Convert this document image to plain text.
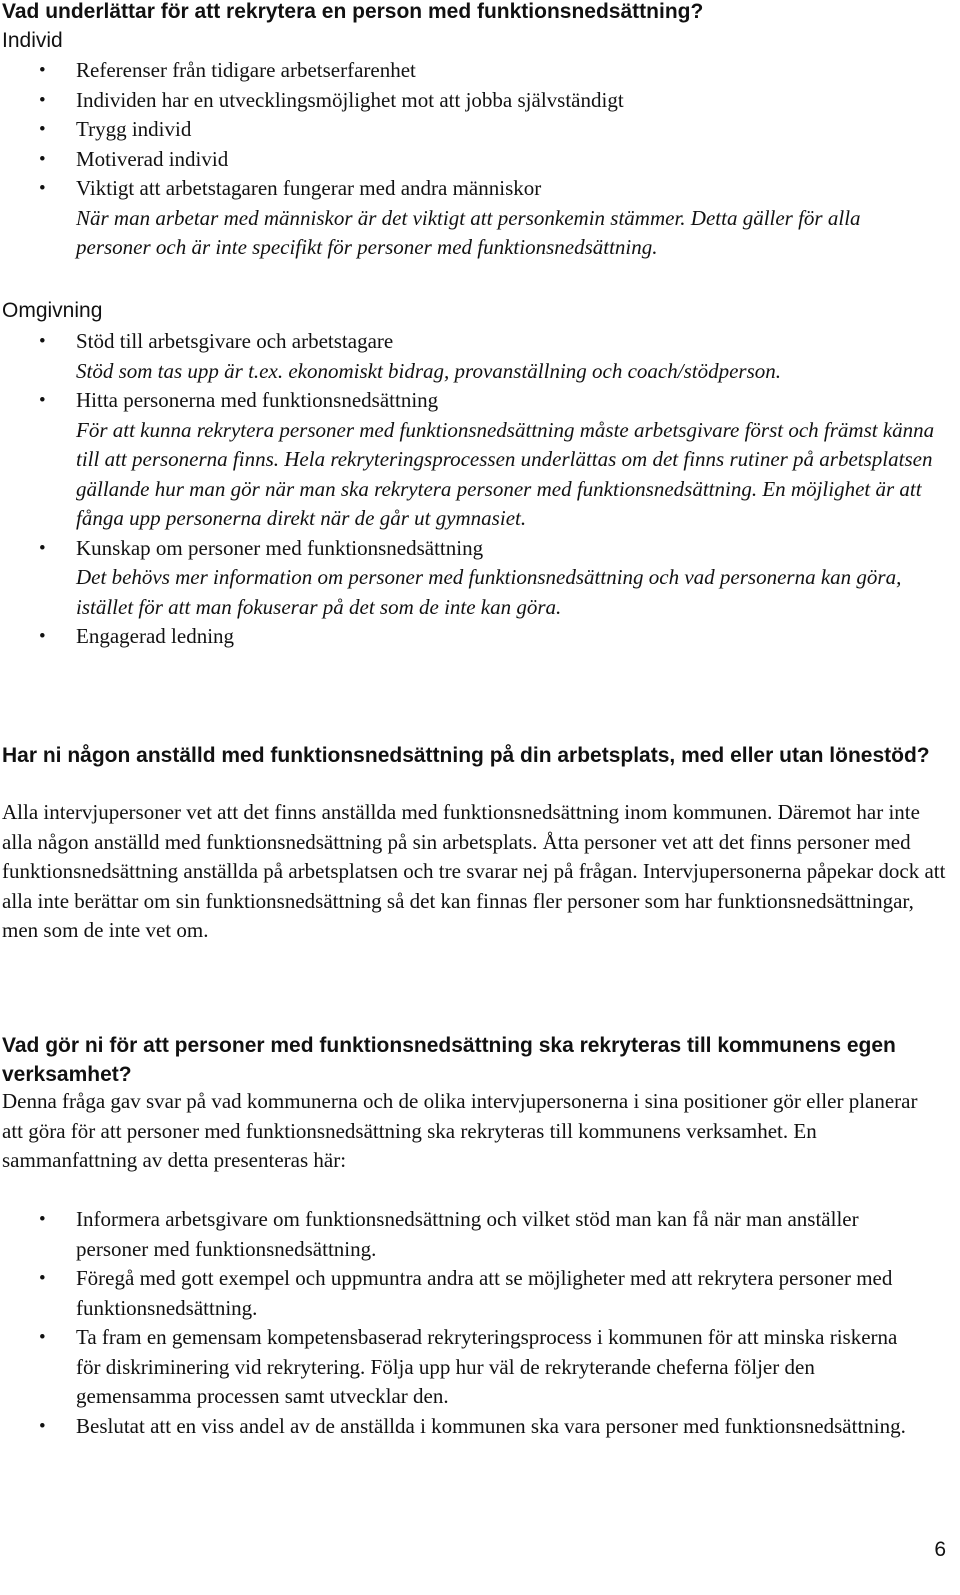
Vad underlättar för att rekrytera en person med funktionsnedsättning?
Individ
• Referenser från tidigare arbetserfarenhet
• Individen har en utvecklingsmöjlighet mot att jobba självständigt
• Trygg individ
• Motiverad individ
• Viktigt att arbetstagaren fungerar med andra människor
När man arbetar med människor är det viktigt att personkemin stämmer. Detta gäller för alla personer och är inte specifikt för personer med funktionsnedsättning.
Omgivning
• Stöd till arbetsgivare och arbetstagare
Stöd som tas upp är t.ex. ekonomiskt bidrag, provanställning och coach/stödperson.
• Hitta personerna med funktionsnedsättning
För att kunna rekrytera personer med funktionsnedsättning måste arbetsgivare först och främst känna till att personerna finns. Hela rekryteringsprocessen underlättas om det finns rutiner på arbetsplatsen gällande hur man gör när man ska rekrytera personer med funktionsnedsättning. En möjlighet är att fånga upp personerna direkt när de går ut gymnasiet.
• Kunskap om personer med funktionsnedsättning
Det behövs mer information om personer med funktionsnedsättning och vad personerna kan göra, istället för att man fokuserar på det som de inte kan göra.
• Engagerad ledning
Har ni någon anställd med funktionsnedsättning på din arbetsplats, med eller utan lönestöd?

Alla intervjupersoner vet att det finns anställda med funktionsnedsättning inom kommunen. Däremot har inte alla någon anställd med funktionsnedsättning på sin arbetsplats. Åtta personer vet att det finns personer med funktionsnedsättning anställda på arbetsplatsen och tre svarar nej på frågan. Intervjupersonerna påpekar dock att alla inte berättar om sin funktionsnedsättning så det kan finnas fler personer som har funktionsnedsättningar, men som de inte vet om.

Vad gör ni för att personer med funktionsnedsättning ska rekryteras till kommunens egen verksamhet?

Denna fråga gav svar på vad kommunerna och de olika intervjupersonerna i sina positioner gör eller planerar att göra för att personer med funktionsnedsättning ska rekryteras till kommunens verksamhet. En sammanfattning av detta presenteras här:

• Informera arbetsgivare om funktionsnedsättning och vilket stöd man kan få när man anställer personer med funktionsnedsättning.
• Föregå med gott exempel och uppmuntra andra att se möjligheter med att rekrytera personer med funktionsnedsättning.
• Ta fram en gemensam kompetensbaserad rekryteringsprocess i kommunen för att minska riskerna för diskriminering vid rekrytering. Följa upp hur väl de rekryterande cheferna följer den gemensamma processen samt utvecklar den.
• Beslutat att en viss andel av de anställda i kommunen ska vara personer med funktionsnedsättning.
6
